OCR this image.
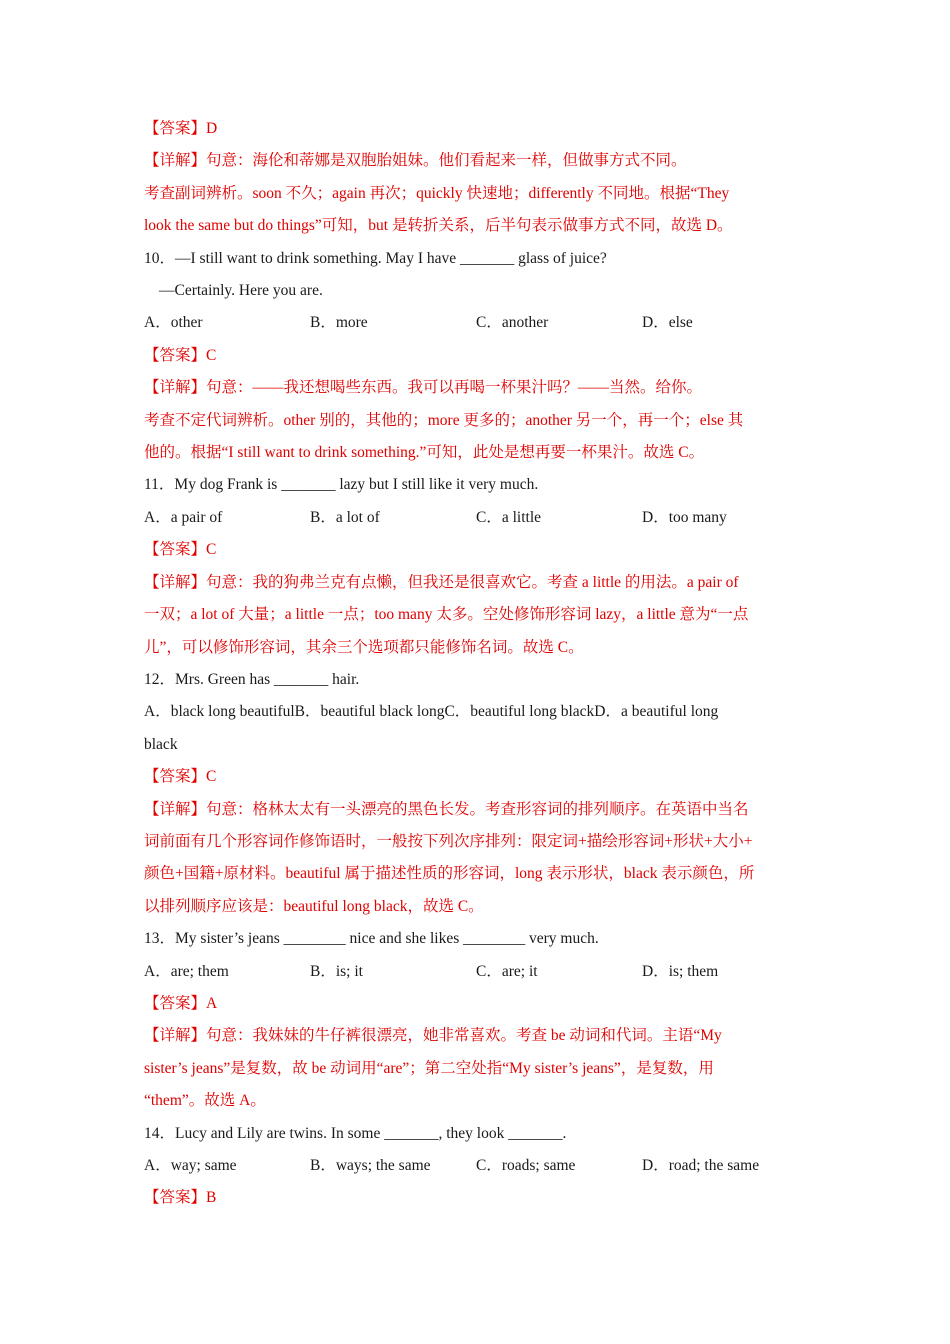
【答案】D
【详解】句意：海伦和蒂娜是双胞胎姐妹。他们看起来一样，但做事方式不同。
考查副词辨析。soon 不久；again 再次；quickly 快速地；differently 不同地。根据“They
look the same but do things”可知，but 是转折关系，后半句表示做事方式不同，故选 D。
10．—I still want to drink something. May I have _______ glass of juice?
—Certainly. Here you are.
A．other	B．more	C．another	D．else
【答案】C
【详解】句意：——我还想喝些东西。我可以再喝一杯果汁吗？——当然。给你。
考查不定代词辨析。other 别的，其他的；more 更多的；another 另一个，再一个；else 其
他的。根据“I still want to drink something.”可知，此处是想再要一杯果汁。故选 C。
11．My dog Frank is _______ lazy but I still like it very much.
A．a pair of	B．a lot of	C．a little	D．too many
【答案】C
【详解】句意：我的狗弗兰克有点懒，但我还是很喜欢它。考查 a little 的用法。a pair of
一双；a lot of 大量；a little 一点；too many 太多。空处修饰形容词 lazy，a little 意为“一点
儿”，可以修饰形容词，其余三个选项都只能修饰名词。故选 C。
12．Mrs. Green has _______ hair.
A．black long beautiful B．beautiful black long C．beautiful long black D．a beautiful long
black
【答案】C
【详解】句意：格林太太有一头漂亮的黑色长发。考查形容词的排列顺序。在英语中当名
词前面有几个形容词作修饰语时，一般按下列次序排列：限定词+描绘形容词+形状+大小+
颜色+国籍+原材料。beautiful 属于描述性质的形容词，long 表示形状，black 表示颜色，所
以排列顺序应该是：beautiful long black，故选 C。
13．My sister’s jeans ________ nice and she likes ________ very much.
A．are; them	B．is; it	C．are; it	D．is; them
【答案】A
【详解】句意：我妹妹的牛仔裤很漂亮，她非常喜欢。考查 be 动词和代词。主语“My
sister’s jeans”是复数，故 be 动词用“are”；第二空处指“My sister’s jeans”，是复数，用
“them”。故选 A。
14．Lucy and Lily are twins. In some _______, they look _______.
A．way; same	B．ways; the same	C．roads; same	D．road; the same
【答案】B
